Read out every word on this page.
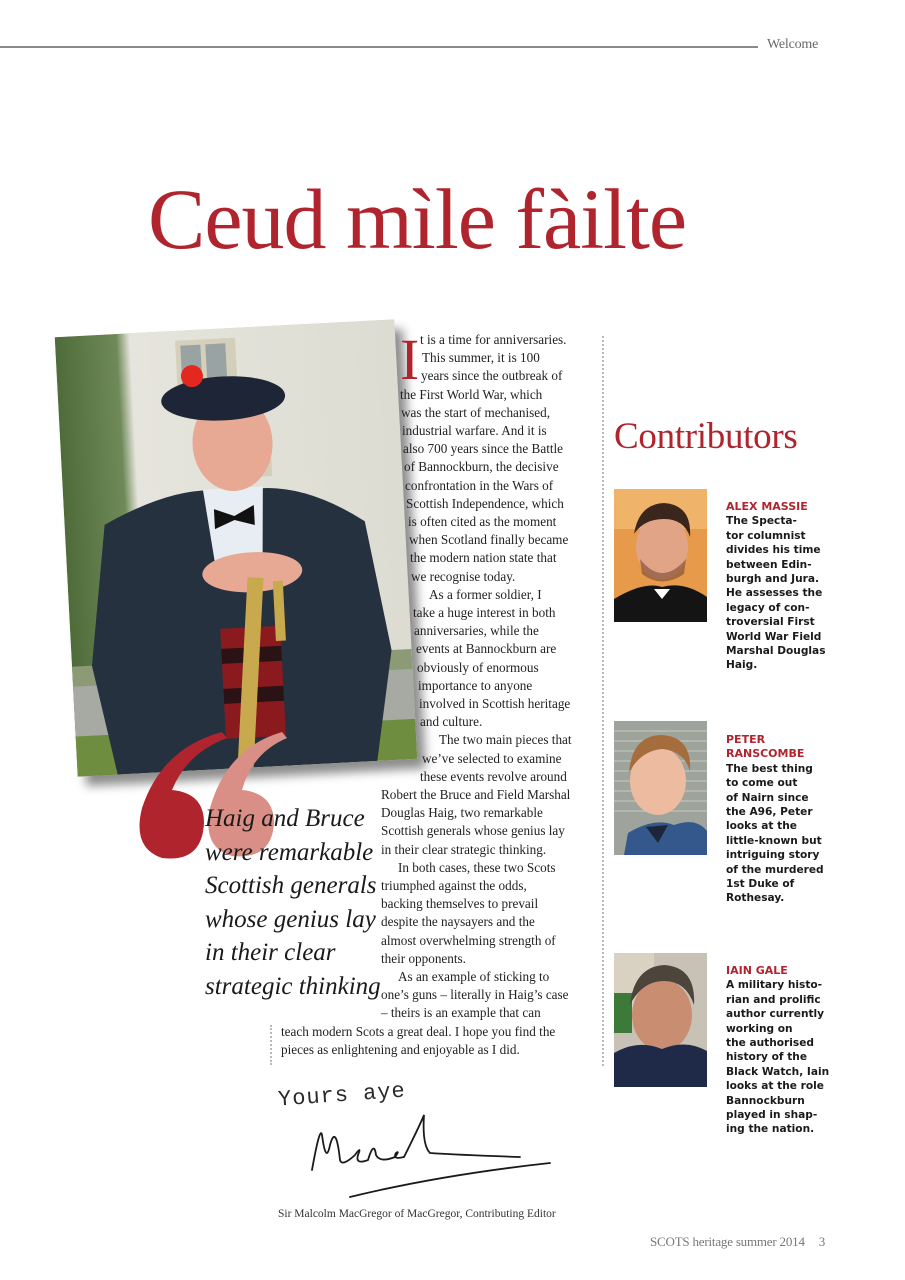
Welcome
Ceud mìle fàilte
Haig and Bruce
were remarkable
Scottish generals
whose genius lay
in their clear
strategic thinking
I t is a time for anniversaries.
This summer, it is 100
years since the outbreak of
the First World War, which
was the start of mechanised,
industrial warfare. And it is
also 700 years since the Battle
of Bannockburn, the decisive
confrontation in the Wars of
Scottish Independence, which
is often cited as the moment
when Scotland finally became
the modern nation state that
we recognise today.
As a former soldier, I
take a huge interest in both
anniversaries, while the
events at Bannockburn are
obviously of enormous
importance to anyone
involved in Scottish heritage
and culture.
The two main pieces that
we’ve selected to examine
these events revolve around
Robert the Bruce and Field Marshal
Douglas Haig, two remarkable
Scottish generals whose genius lay
in their clear strategic thinking.
In both cases, these two Scots
triumphed against the odds,
backing themselves to prevail
despite the naysayers and the
almost overwhelming strength of
their opponents.
As an example of sticking to
one’s guns – literally in Haig’s case
– theirs is an example that can
teach modern Scots a great deal. I hope you find the
pieces as enlightening and enjoyable as I did.
Yours aye
Sir Malcolm MacGregor of MacGregor, Contributing Editor
Contributors
ALEX MASSIE
The Specta-
tor columnist
divides his time
between Edin-
burgh and Jura.
He assesses the
legacy of con-
troversial First
World War Field
Marshal Douglas
Haig.
PETER
RANSCOMBE
The best thing
to come out
of Nairn since
the A96, Peter
looks at the
little-known but
intriguing story
of the murdered
1st Duke of
Rothesay.
IAIN GALE
A military histo-
rian and prolific
author currently
working on
the authorised
history of the
Black Watch, Iain
looks at the role
Bannockburn
played in shap-
ing the nation.
SCOTS heritage summer 2014 3
